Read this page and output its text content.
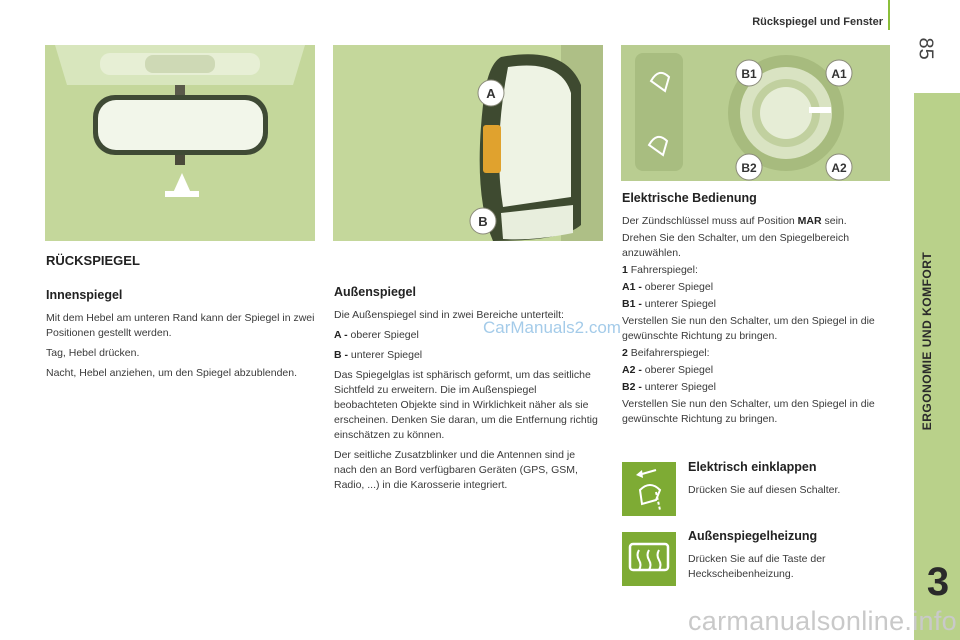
Rückspiegel und Fenster
85
ERGONOMIE UND KOMFORT
3
A
B
B1	A1
B2	A2
RÜCKSPIEGEL
Innenspiegel

Mit dem Hebel am unteren Rand kann der Spiegel in zwei Positionen gestellt werden.

Tag, Hebel drücken.

Nacht, Hebel anziehen, um den Spiegel abzublenden.

Außenspiegel

Die Außenspiegel sind in zwei Bereiche unterteilt:

A - oberer Spiegel

B - unterer Spiegel

Das Spiegelglas ist sphärisch geformt, um das seitliche Sichtfeld zu erweitern. Die im Außenspiegel beobachteten Objekte sind in Wirklichkeit näher als sie erscheinen. Denken Sie daran, um die Entfernung richtig einschätzen zu können.

Der seitliche Zusatzblinker und die Antennen sind je nach den an Bord verfügbaren Geräten (GPS, GSM, Radio, ...) in die Karosserie integriert.

CarManuals2.com
Elektrische Bedienung

Der Zündschlüssel muss auf Position MAR sein.

Drehen Sie den Schalter, um den Spiegelbereich anzuwählen.

1 Fahrerspiegel:

A1 - oberer Spiegel

B1 - unterer Spiegel

Verstellen Sie nun den Schalter, um den Spiegel in die gewünschte Richtung zu bringen.

2 Beifahrerspiegel:

A2 - oberer Spiegel

B2 - unterer Spiegel

Verstellen Sie nun den Schalter, um den Spiegel in die gewünschte Richtung zu bringen.

Elektrisch einklappen

Drücken Sie auf diesen Schalter.

Außenspiegelheizung

Drücken Sie auf die Taste der Heckscheibenheizung.

carmanualsonline.info
